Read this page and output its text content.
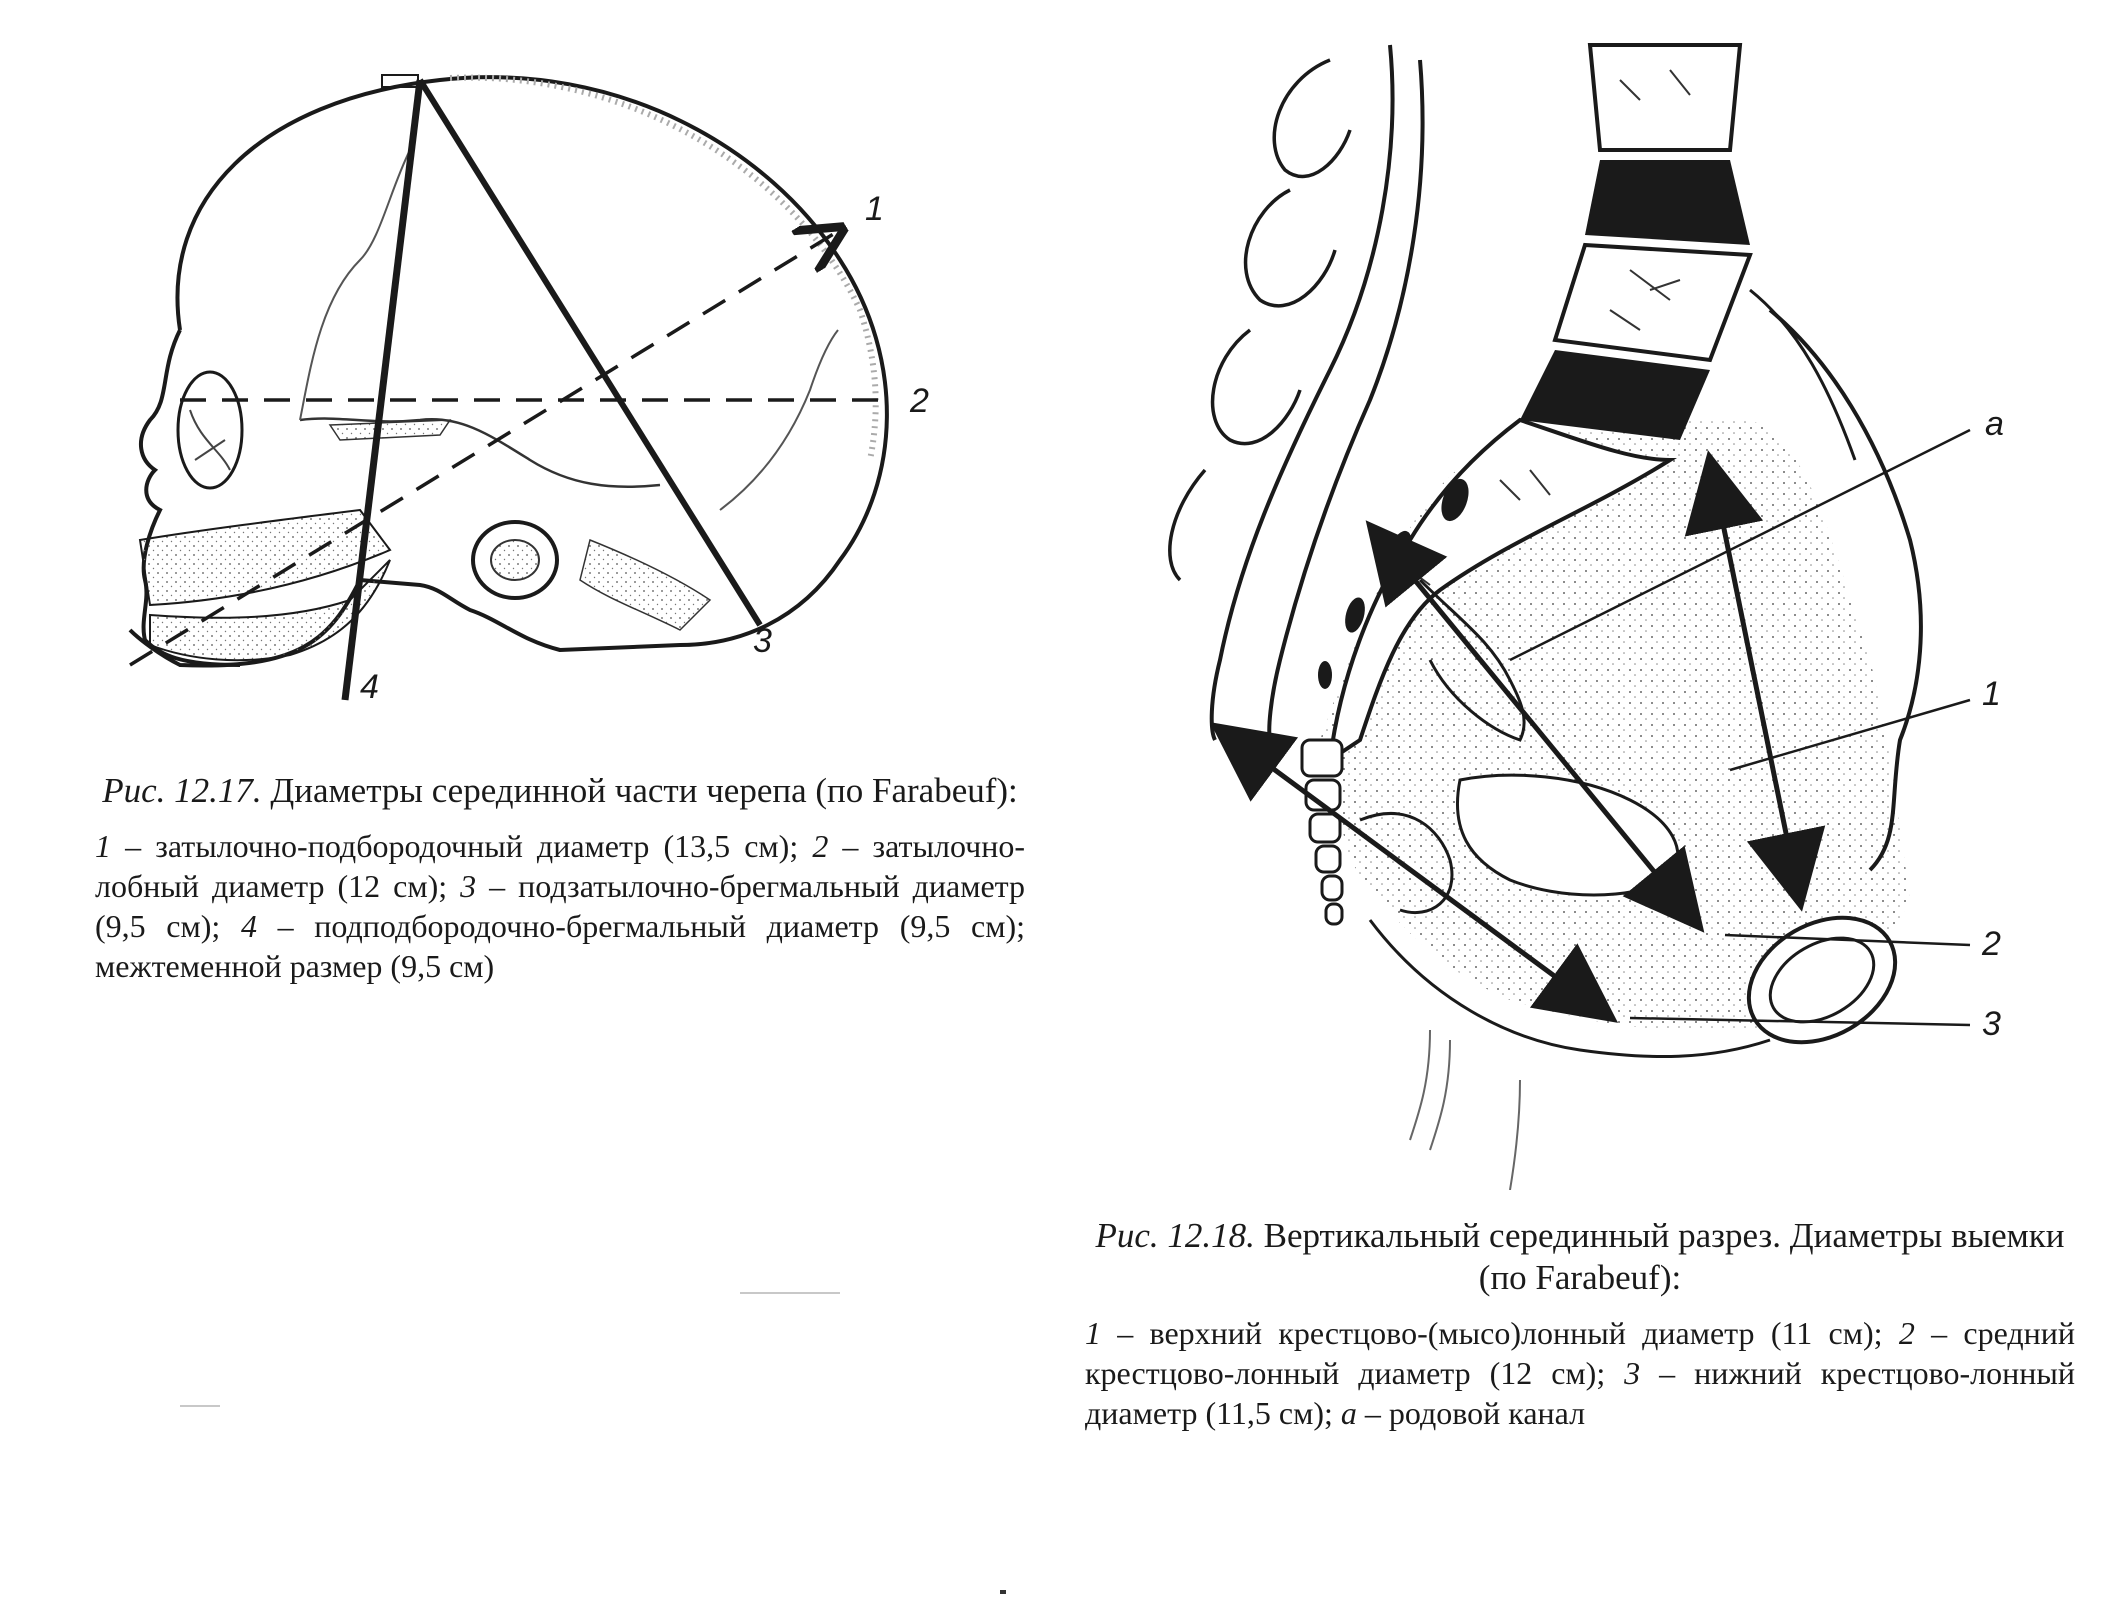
1
2
3
4
a
1
2
3
Рис. 12.17. Диаметры серединной части черепа (по Farabeuf):
1 – затылочно-подбородочный диаметр (13,5 см); 2 – затылочно-лобный диаметр (12 см); 3 – подзатылочно-брегмальный диаметр (9,5 см); 4 – подподбородочно-брегмальный диаметр (9,5 см); межтеменной размер (9,5 см)
Рис. 12.18. Вертикальный серединный разрез. Диаметры выемки (по Farabeuf):
1 – верхний крестцово-(мысо)лонный диаметр (11 см); 2 – средний крестцово-лонный диаметр (12 см); 3 – нижний крестцово-лонный диаметр (11,5 см); a – родовой канал
